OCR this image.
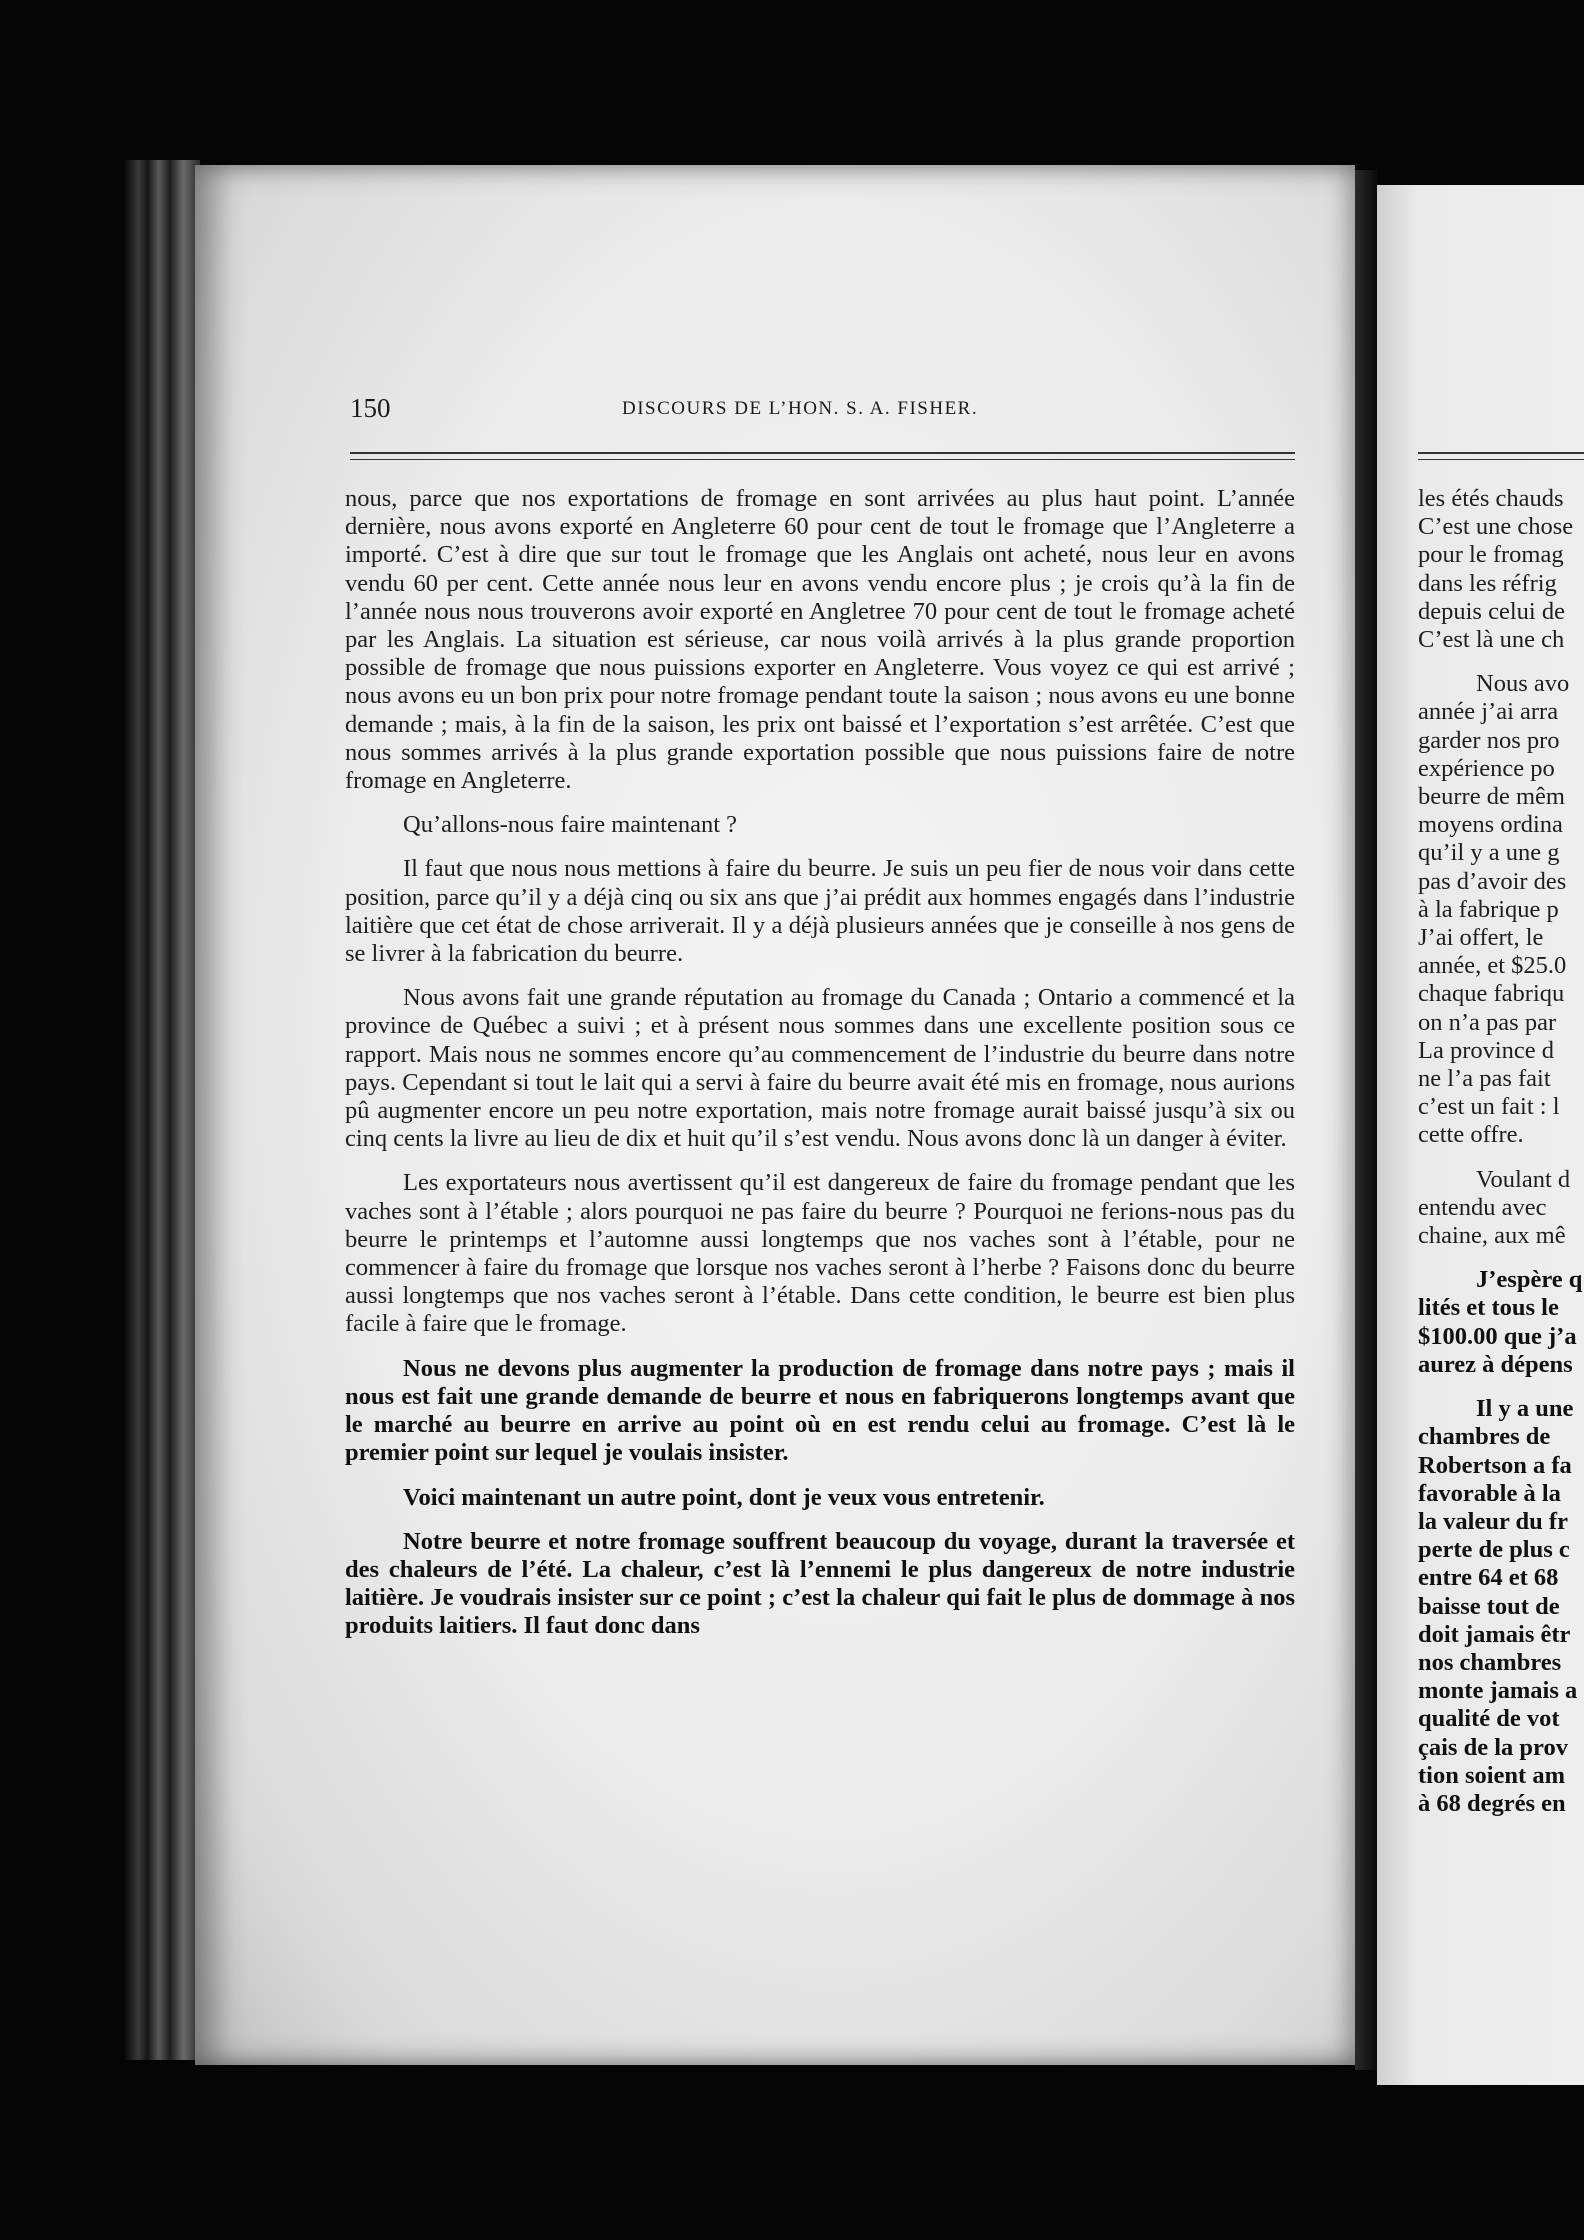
150	DISCOURS DE L’HON. S. A. FISHER.

nous, parce que nos exportations de fromage en sont arrivées au plus haut point. L’année dernière, nous avons exporté en Angleterre 60 pour cent de tout le fromage que l’Angleterre a importé. C’est à dire que sur tout le fromage que les Anglais ont acheté, nous leur en avons vendu 60 per cent. Cette année nous leur en avons vendu encore plus ; je crois qu’à la fin de l’année nous nous trouverons avoir exporté en Angletree 70 pour cent de tout le fromage acheté par les Anglais. La situation est sérieuse, car nous voilà arrivés à la plus grande proportion possible de fromage que nous puissions exporter en Angleterre. Vous voyez ce qui est arrivé ; nous avons eu un bon prix pour notre fromage pendant toute la saison ; nous avons eu une bonne demande ; mais, à la fin de la saison, les prix ont baissé et l’exportation s’est arrêtée. C’est que nous sommes arrivés à la plus grande exportation possible que nous puissions faire de notre fromage en Angleterre.

Qu’allons-nous faire maintenant ?

Il faut que nous nous mettions à faire du beurre. Je suis un peu fier de nous voir dans cette position, parce qu’il y a déjà cinq ou six ans que j’ai prédit aux hommes engagés dans l’industrie laitière que cet état de chose arriverait. Il y a déjà plusieurs années que je conseille à nos gens de se livrer à la fabrication du beurre.

Nous avons fait une grande réputation au fromage du Canada ; Ontario a commencé et la province de Québec a suivi ; et à présent nous sommes dans une excellente position sous ce rapport. Mais nous ne sommes encore qu’au commencement de l’industrie du beurre dans notre pays. Cependant si tout le lait qui a servi à faire du beurre avait été mis en fromage, nous aurions pû augmenter encore un peu notre exportation, mais notre fromage aurait baissé jusqu’à six ou cinq cents la livre au lieu de dix et huit qu’il s’est vendu. Nous avons donc là un danger à éviter.

Les exportateurs nous avertissent qu’il est dangereux de faire du fromage pendant que les vaches sont à l’étable ; alors pourquoi ne pas faire du beurre ? Pourquoi ne ferions-nous pas du beurre le printemps et l’automne aussi longtemps que nos vaches sont à l’étable, pour ne commencer à faire du fromage que lorsque nos vaches seront à l’herbe ? Faisons donc du beurre aussi longtemps que nos vaches seront à l’étable. Dans cette condition, le beurre est bien plus facile à faire que le fromage.

Nous ne devons plus augmenter la production de fromage dans notre pays ; mais il nous est fait une grande demande de beurre et nous en fabriquerons longtemps avant que le marché au beurre en arrive au point où en est rendu celui au fromage. C’est là le premier point sur lequel je voulais insister.

Voici maintenant un autre point, dont je veux vous entretenir.

Notre beurre et notre fromage souffrent beaucoup du voyage, durant la traversée et des chaleurs de l’été. La chaleur, c’est là l’ennemi le plus dangereux de notre industrie laitière. Je voudrais insister sur ce point ; c’est la chaleur qui fait le plus de dommage à nos produits laitiers. Il faut donc dans

les étés chauds
C’est une chose
pour le fromag
dans les réfrig
depuis celui de
C’est là une ch
Nous avo
année j’ai arra
garder nos pro
expérience po
beurre de mêm
moyens ordina
qu’il y a une g
pas d’avoir des
à la fabrique p
J’ai offert, le
année, et $25.0
chaque fabriqu
on n’a pas par
La province d
ne l’a pas fait
c’est un fait : l
cette offre.
Voulant d
entendu avec
chaine, aux mê
J’espère q
lités et tous le
$100.00 que j’a
aurez à dépens
Il y a une
chambres de
Robertson a fa
favorable à la
la valeur du fr
perte de plus c
entre 64 et 68
baisse tout de
doit jamais êtr
nos chambres
monte jamais a
qualité de vot
çais de la prov
tion soient am
à 68 degrés en
